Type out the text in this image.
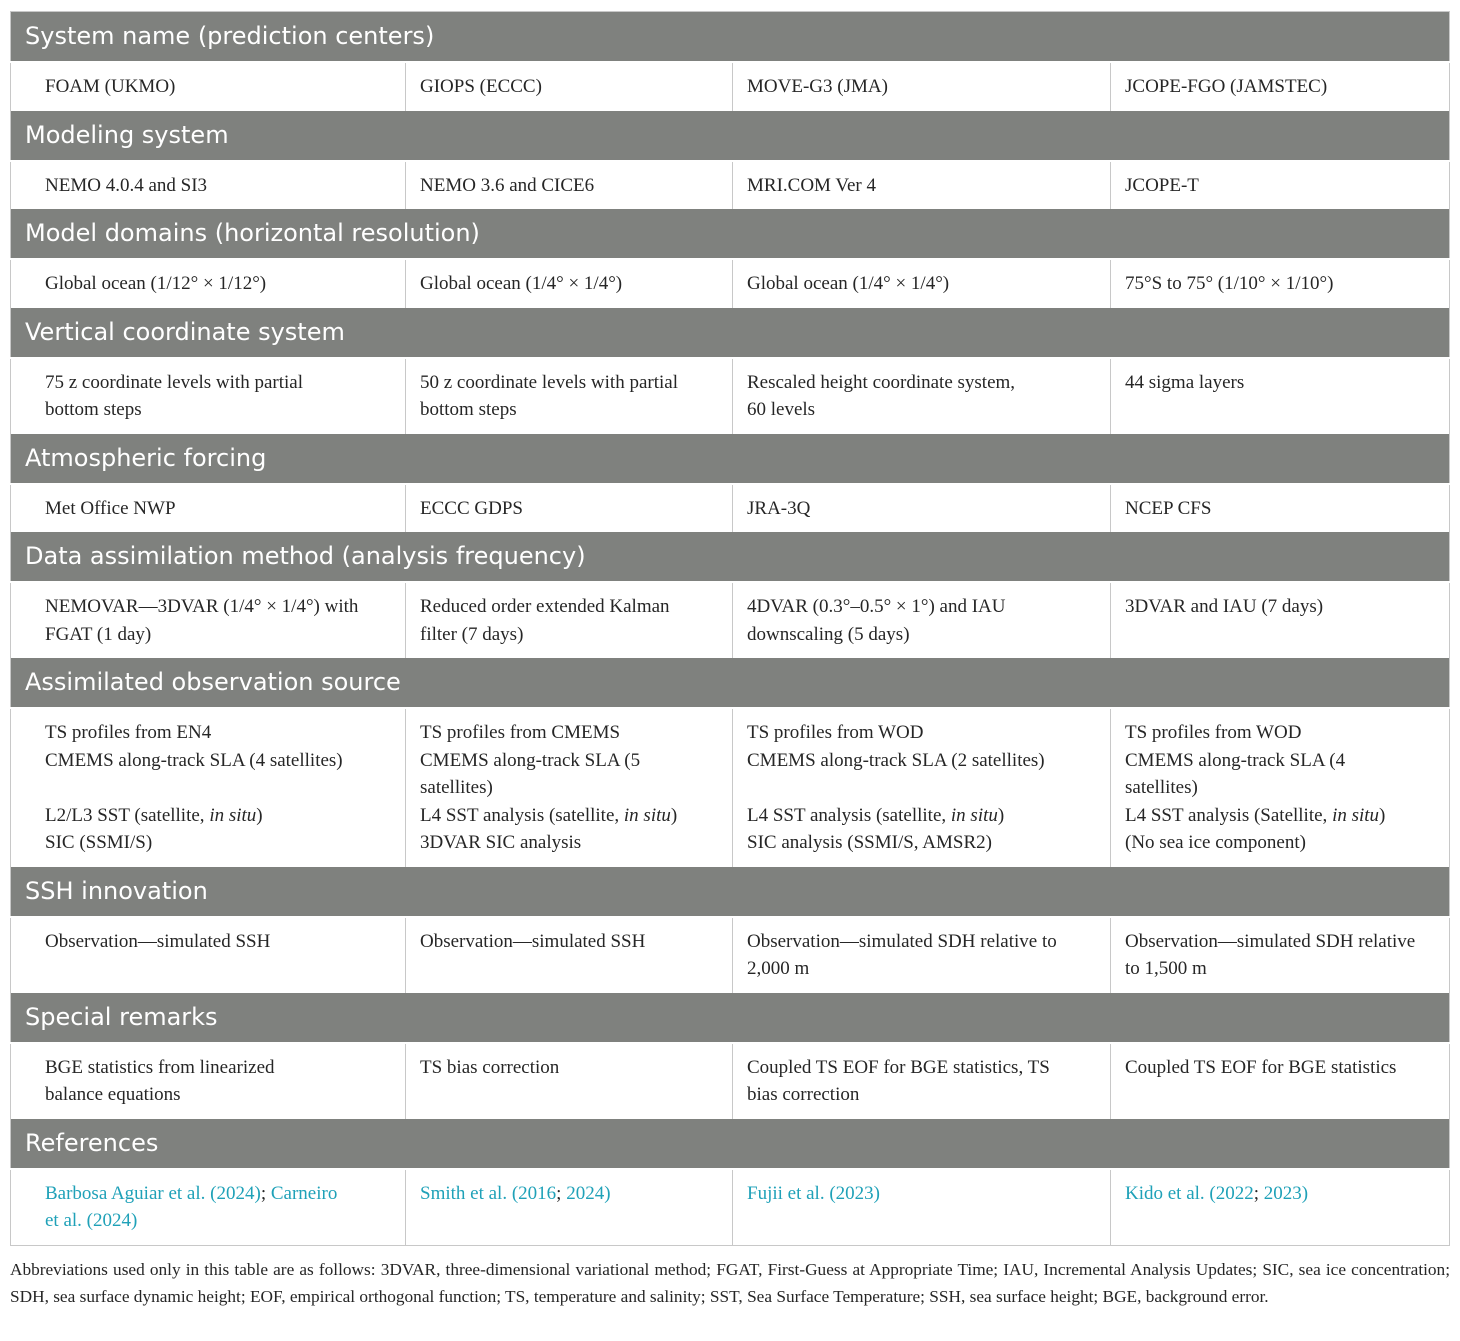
System name (prediction centers)			

FOAM (UKMO)	GIOPS (ECCC)	MOVE-G3 (JMA)	JCOPE-FGO (JAMSTEC)

Modeling system			

NEMO 4.0.4 and SI3	NEMO 3.6 and CICE6	MRI.COM Ver 4	JCOPE-T

Model domains (horizontal resolution)			

Global ocean (1/12° × 1/12°)	Global ocean (1/4° × 1/4°)	Global ocean (1/4° × 1/4°)	75°S to 75° (1/10° × 1/10°)

Vertical coordinate system			

75 z coordinate levels with partial
bottom steps	50 z coordinate levels with partial
bottom steps	Rescaled height coordinate system,
60 levels	44 sigma layers

Atmospheric forcing			

Met Office NWP	ECCC GDPS	JRA-3Q	NCEP CFS

Data assimilation method (analysis frequency)			

NEMOVAR—3DVAR (1/4° × 1/4°) with
FGAT (1 day)	Reduced order extended Kalman
filter (7 days)	4DVAR (0.3°–0.5° × 1°) and IAU
downscaling (5 days)	3DVAR and IAU (7 days)

Assimilated observation source			

TS profiles from EN4
CMEMS along-track SLA (4 satellites)

L2/L3 SST (satellite, in situ)
SIC (SSMI/S)	TS profiles from CMEMS
CMEMS along-track SLA (5
satellites)
L4 SST analysis (satellite, in situ)
3DVAR SIC analysis	TS profiles from WOD
CMEMS along-track SLA (2 satellites)

L4 SST analysis (satellite, in situ)
SIC analysis (SSMI/S, AMSR2)	TS profiles from WOD
CMEMS along-track SLA (4
satellites)
L4 SST analysis (Satellite, in situ)
(No sea ice component)

SSH innovation			

Observation—simulated SSH	Observation—simulated SSH	Observation—simulated SDH relative to
2,000 m	Observation—simulated SDH relative
to 1,500 m

Special remarks			

BGE statistics from linearized
balance equations	TS bias correction	Coupled TS EOF for BGE statistics, TS
bias correction	Coupled TS EOF for BGE statistics

References			

Barbosa Aguiar et al. (2024); Carneiro
et al. (2024)	Smith et al. (2016; 2024)	Fujii et al. (2023)	Kido et al. (2022; 2023)
Abbreviations used only in this table are as follows: 3DVAR, three-dimensional variational method; FGAT, First-Guess at Appropriate Time; IAU, Incremental Analysis Updates; SIC, sea ice concentration; SDH, sea surface dynamic height; EOF, empirical orthogonal function; TS, temperature and salinity; SST, Sea Surface Temperature; SSH, sea surface height; BGE, background error.
